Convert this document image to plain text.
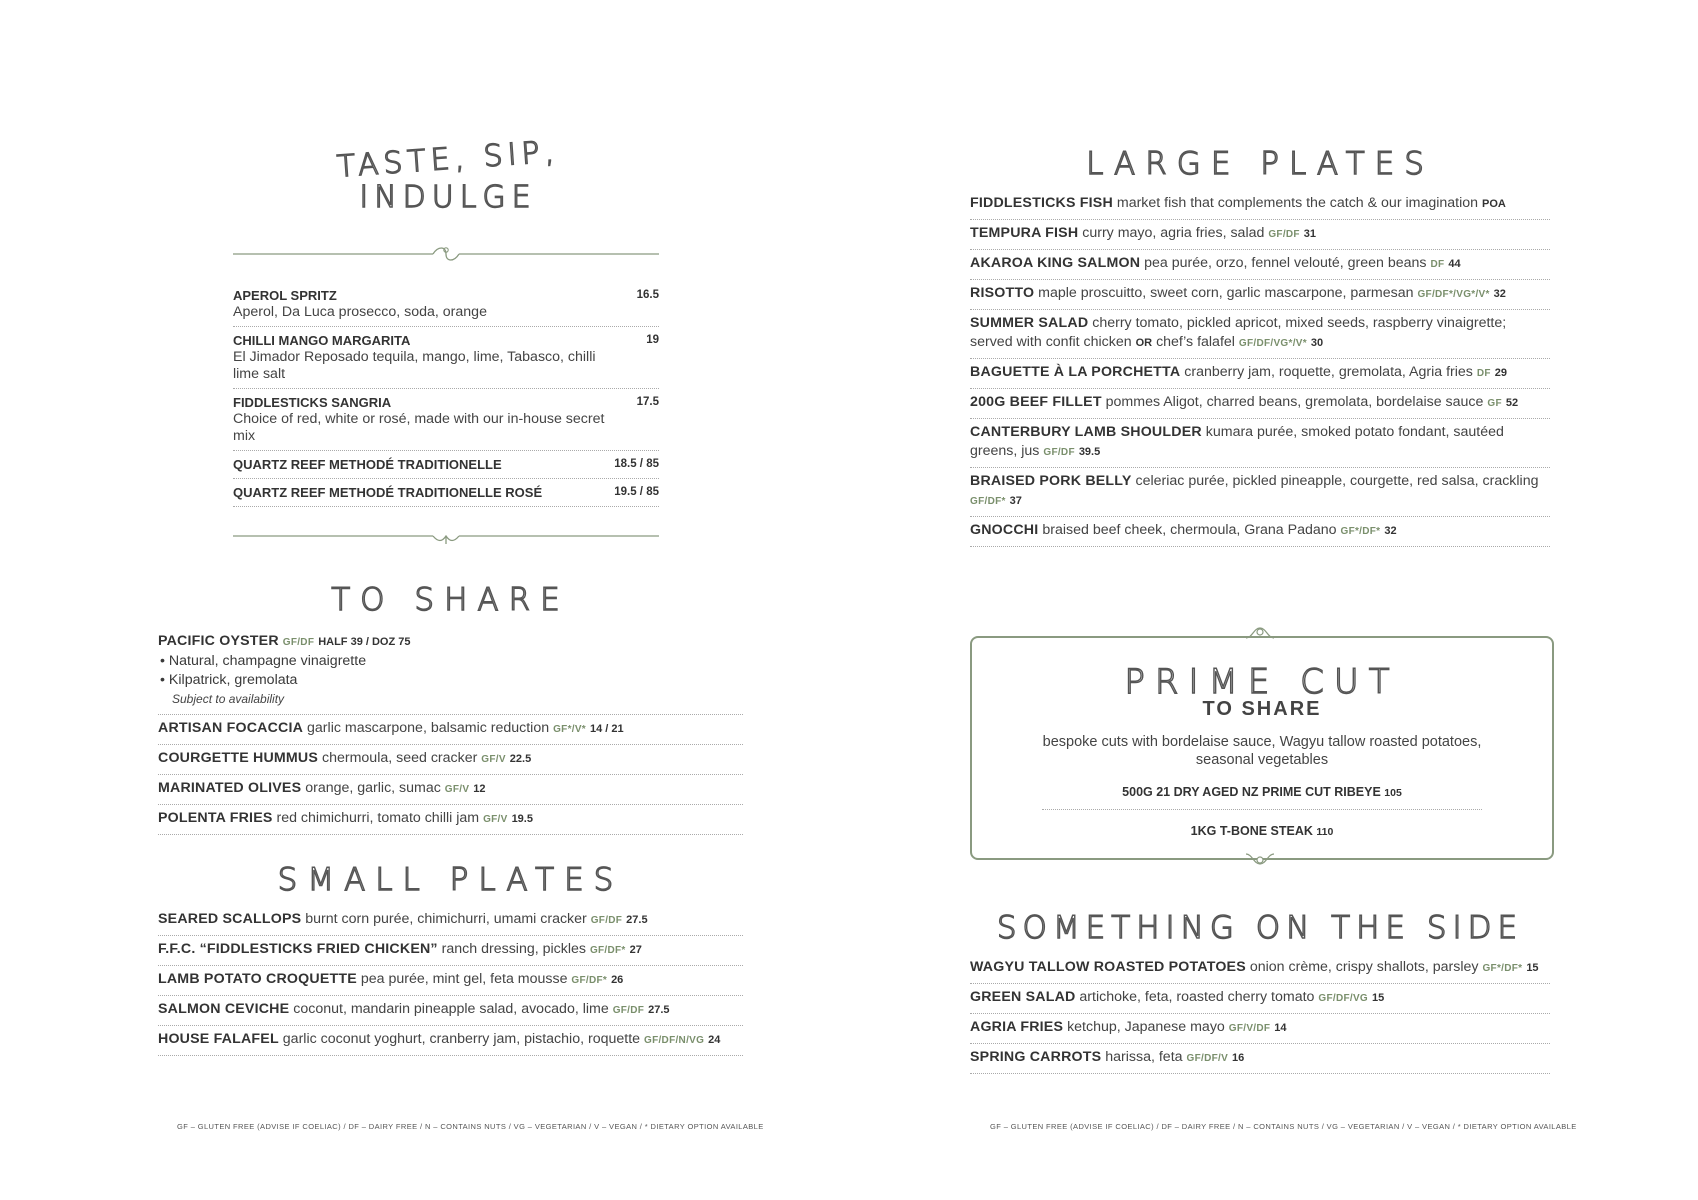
TASTE, SIP,
INDULGE
APEROL SPRITZ
Aperol, Da Luca prosecco, soda, orange
16.5
CHILLI MANGO MARGARITA
El Jimador Reposado tequila, mango, lime, Tabasco, chilli lime salt
19
FIDDLESTICKS SANGRIA
Choice of red, white or rosé, made with our in-house secret mix
17.5
QUARTZ REEF METHODÉ TRADITIONELLE	18.5 / 85
QUARTZ REEF METHODÉ TRADITIONELLE ROSÉ	19.5 / 85
TO SHARE
PACIFIC OYSTER GF/DF HALF 39 / DOZ 75
• Natural, champagne vinaigrette
• Kilpatrick, gremolata
Subject to availability
ARTISAN FOCACCIA garlic mascarpone, balsamic reduction GF*/V* 14 / 21
COURGETTE HUMMUS chermoula, seed cracker GF/V 22.5
MARINATED OLIVES orange, garlic, sumac GF/V 12
POLENTA FRIES red chimichurri, tomato chilli jam GF/V 19.5
SMALL PLATES
SEARED SCALLOPS burnt corn purée, chimichurri, umami cracker GF/DF 27.5
F.F.C. “FIDDLESTICKS FRIED CHICKEN” ranch dressing, pickles GF/DF* 27
LAMB POTATO CROQUETTE pea purée, mint gel, feta mousse GF/DF* 26
SALMON CEVICHE coconut, mandarin pineapple salad, avocado, lime GF/DF 27.5
HOUSE FALAFEL garlic coconut yoghurt, cranberry jam, pistachio, roquette GF/DF/N/VG 24
GF – GLUTEN FREE (ADVISE IF COELIAC) / DF – DAIRY FREE / N – CONTAINS NUTS / VG – VEGETARIAN / V – VEGAN / * DIETARY OPTION AVAILABLE
LARGE PLATES
FIDDLESTICKS FISH market fish that complements the catch & our imagination POA
TEMPURA FISH curry mayo, agria fries, salad GF/DF 31
AKAROA KING SALMON pea purée, orzo, fennel velouté, green beans DF 44
RISOTTO maple proscuitto, sweet corn, garlic mascarpone, parmesan GF/DF*/VG*/V* 32
SUMMER SALAD cherry tomato, pickled apricot, mixed seeds, raspberry vinaigrette; served with confit chicken OR chef’s falafel GF/DF/VG*/V* 30
BAGUETTE À LA PORCHETTA cranberry jam, roquette, gremolata, Agria fries DF 29
200G BEEF FILLET pommes Aligot, charred beans, gremolata, bordelaise sauce GF 52
CANTERBURY LAMB SHOULDER kumara purée, smoked potato fondant, sautéed greens, jus GF/DF 39.5
BRAISED PORK BELLY celeriac purée, pickled pineapple, courgette, red salsa, crackling GF/DF* 37
GNOCCHI braised beef cheek, chermoula, Grana Padano GF*/DF* 32
PRIME CUT
TO SHARE
bespoke cuts with bordelaise sauce, Wagyu tallow roasted potatoes, seasonal vegetables
500G 21 DRY AGED NZ PRIME CUT RIBEYE 105
1KG T-BONE STEAK 110
SOMETHING ON THE SIDE
WAGYU TALLOW ROASTED POTATOES onion crème, crispy shallots, parsley GF*/DF* 15
GREEN SALAD artichoke, feta, roasted cherry tomato GF/DF/VG 15
AGRIA FRIES ketchup, Japanese mayo GF/V/DF 14
SPRING CARROTS harissa, feta GF/DF/V 16
GF – GLUTEN FREE (ADVISE IF COELIAC) / DF – DAIRY FREE / N – CONTAINS NUTS / VG – VEGETARIAN / V – VEGAN / * DIETARY OPTION AVAILABLE
